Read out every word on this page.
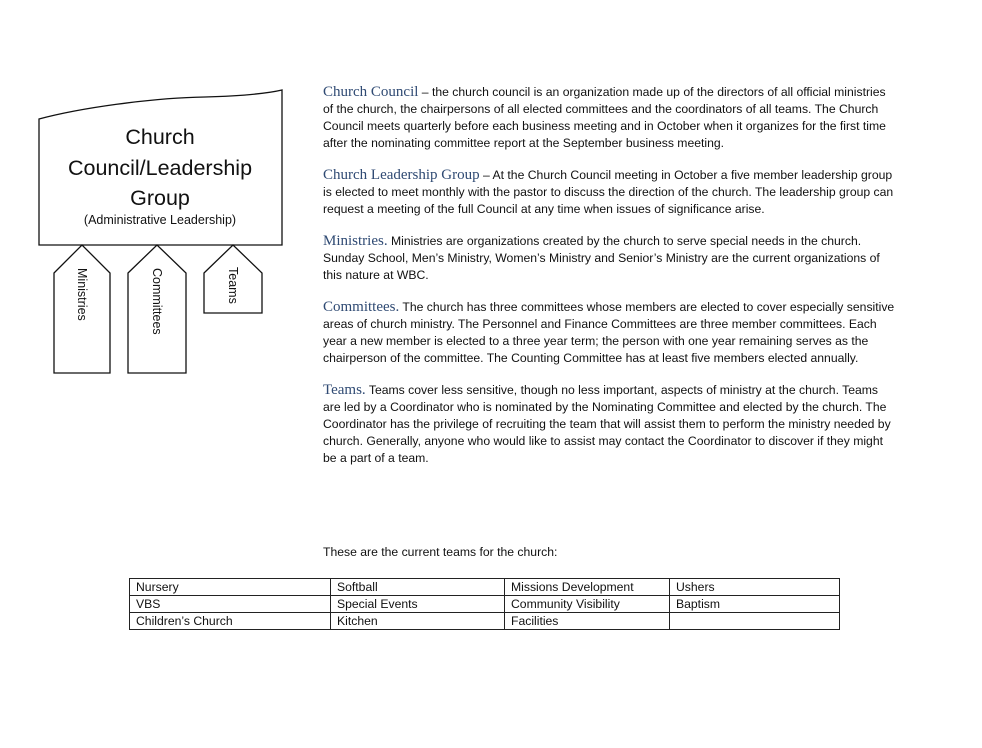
Church
Council/Leadership
Group
(Administrative Leadership)
Ministries	Committees	Teams

Church Council – the church council is an organization made up of the directors of all official ministries of the church, the chairpersons of all elected committees and the coordinators of all teams. The Church Council meets quarterly before each business meeting and in October when it organizes for the first time after the nominating committee report at the September business meeting.

Church Leadership Group – At the Church Council meeting in October a five member leadership group is elected to meet monthly with the pastor to discuss the direction of the church. The leadership group can request a meeting of the full Council at any time when issues of significance arise.

Ministries. Ministries are organizations created by the church to serve special needs in the church. Sunday School, Men’s Ministry, Women’s Ministry and Senior’s Ministry are the current organizations of this nature at WBC.

Committees. The church has three committees whose members are elected to cover especially sensitive areas of church ministry. The Personnel and Finance Committees are three member committees. Each year a new member is elected to a three year term; the person with one year remaining serves as the chairperson of the committee. The Counting Committee has at least five members elected annually.

Teams. Teams cover less sensitive, though no less important, aspects of ministry at the church. Teams are led by a Coordinator who is nominated by the Nominating Committee and elected by the church. The Coordinator has the privilege of recruiting the team that will assist them to perform the ministry needed by church. Generally, anyone who would like to assist may contact the Coordinator to discover if they might be a part of a team.

These are the current teams for the church:

Nursery	Softball	Missions Development	Ushers
VBS	Special Events	Community Visibility	Baptism
Children’s Church	Kitchen	Facilities	
